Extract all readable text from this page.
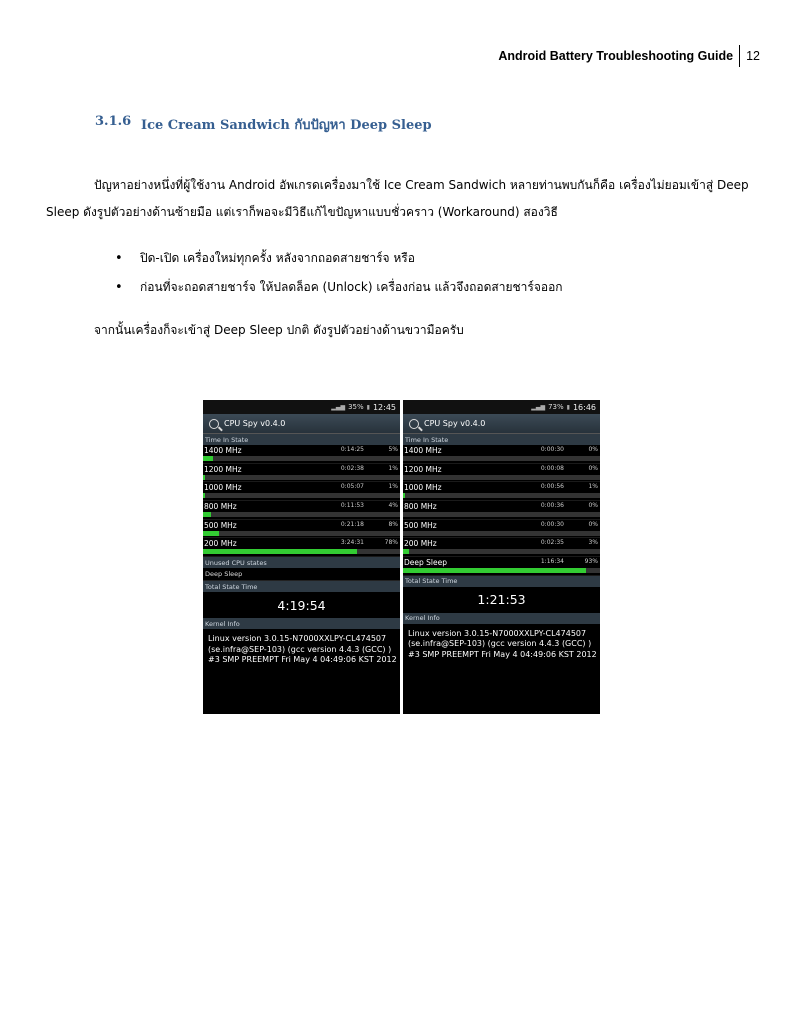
Android Battery Troubleshooting Guide	12
3.1.6 Ice Cream Sandwich กับปัญหา Deep Sleep

ปัญหาอย่างหนึ่งที่ผู้ใช้งาน Android อัพเกรดเครื่องมาใช้ Ice Cream Sandwich หลายท่านพบกันก็คือ เครื่องไม่ยอมเข้าสู่ Deep Sleep ดังรูปตัวอย่างด้านซ้ายมือ แต่เราก็พอจะมีวิธีแก้ไขปัญหาแบบชั่วคราว (Workaround) สองวิธี

•	ปิด-เปิด เครื่องใหม่ทุกครั้ง หลังจากถอดสายชาร์จ หรือ
•	ก่อนที่จะถอดสายชาร์จ ให้ปลดล็อค (Unlock) เครื่องก่อน แล้วจึงถอดสายชาร์จออก

จากนั้นเครื่องก็จะเข้าสู่ Deep Sleep ปกติ ดังรูปตัวอย่างด้านขวามือครับ

▂▄▆ 35% ▮ 12:45
CPU Spy v0.4.0
Time In State
1400 MHz	0:14:25	5%
1200 MHz	0:02:38	1%
1000 MHz	0:05:07	1%
800 MHz	0:11:53	4%
500 MHz	0:21:18	8%
200 MHz	3:24:31	78%
Unused CPU states
Deep Sleep
Total State Time
4:19:54
Kernel Info
Linux version 3.0.15-N7000XXLPY-CL474507 (se.infra@SEP-103) (gcc version 4.4.3 (GCC) ) #3 SMP PREEMPT Fri May 4 04:49:06 KST 2012
▂▄▆ 73% ▮ 16:46
CPU Spy v0.4.0
Time In State
1400 MHz	0:00:30	0%
1200 MHz	0:00:08	0%
1000 MHz	0:00:56	1%
800 MHz	0:00:36	0%
500 MHz	0:00:30	0%
200 MHz	0:02:35	3%
Deep Sleep	1:16:34	93%
Total State Time
1:21:53
Kernel Info
Linux version 3.0.15-N7000XXLPY-CL474507 (se.infra@SEP-103) (gcc version 4.4.3 (GCC) ) #3 SMP PREEMPT Fri May 4 04:49:06 KST 2012
